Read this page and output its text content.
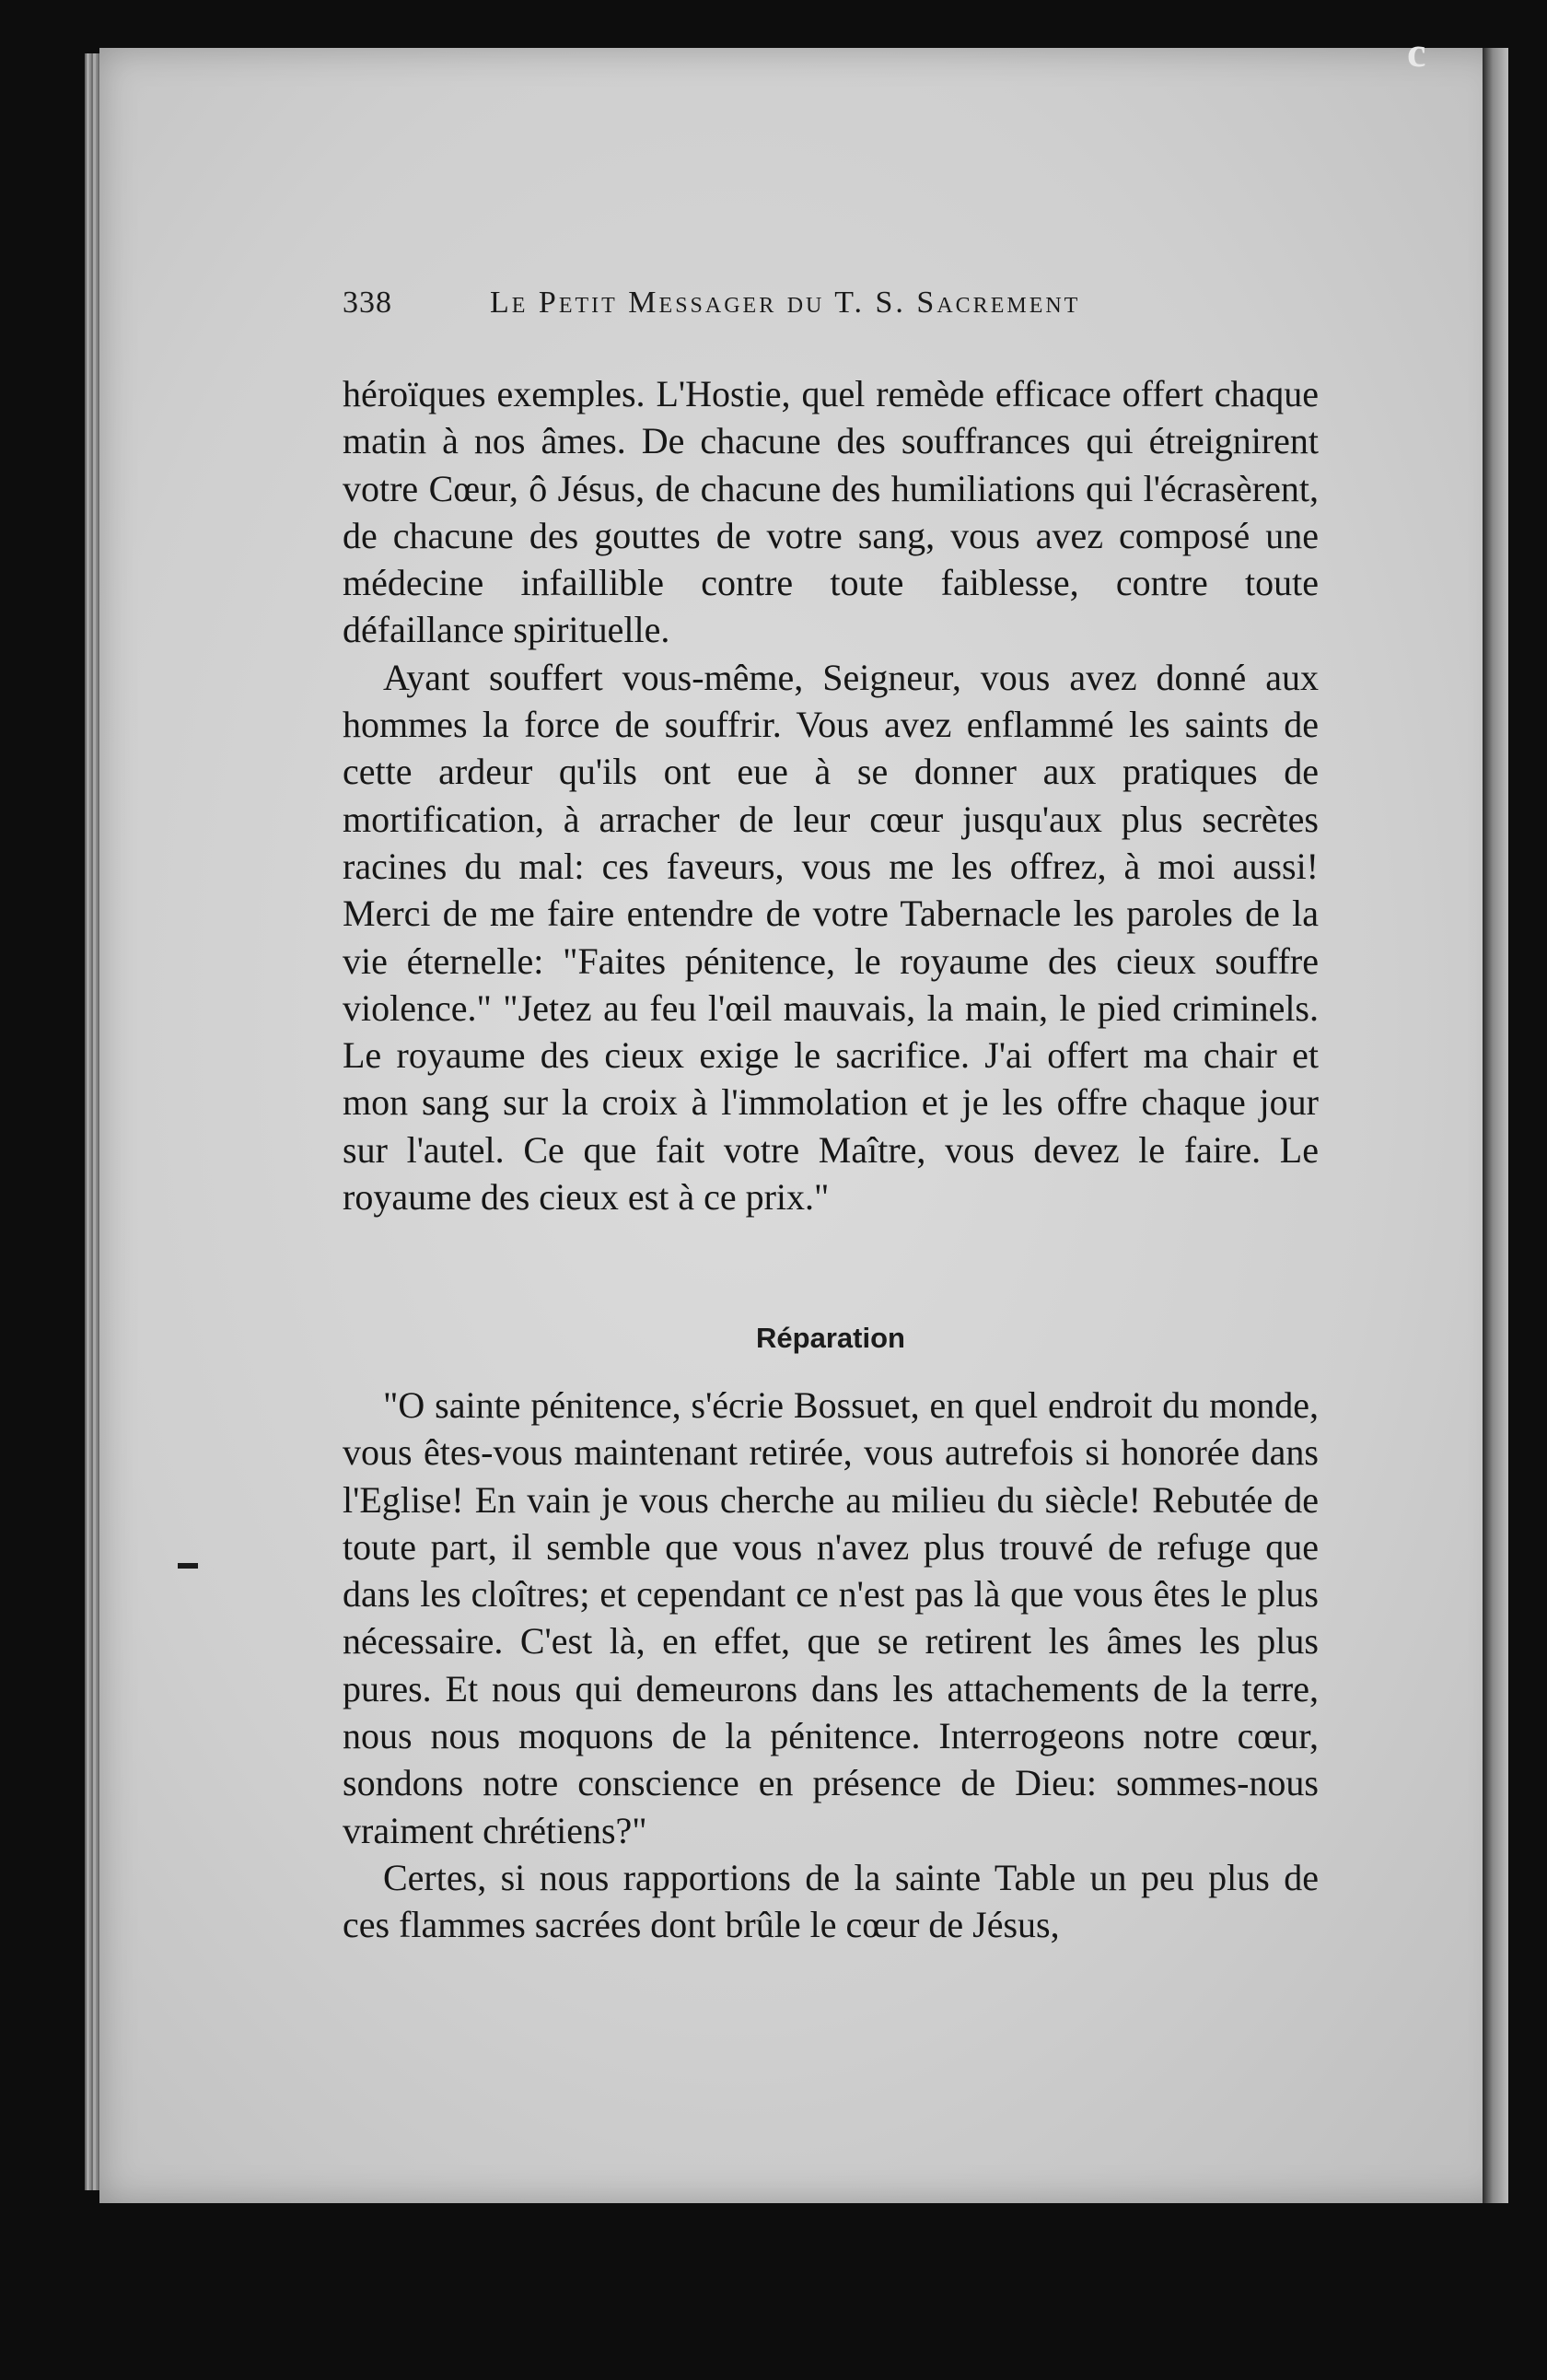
c
338	Le Petit Messager du T. S. Sacrement

héroïques exemples. L'Hostie, quel remède efficace offert chaque matin à nos âmes. De chacune des souffrances qui étreignirent votre Cœur, ô Jésus, de chacune des humiliations qui l'écrasèrent, de chacune des gouttes de votre sang, vous avez composé une médecine infaillible contre toute faiblesse, contre toute défaillance spirituelle.

Ayant souffert vous-même, Seigneur, vous avez donné aux hommes la force de souffrir. Vous avez enflammé les saints de cette ardeur qu'ils ont eue à se donner aux pratiques de mortification, à arracher de leur cœur jusqu'aux plus secrètes racines du mal: ces faveurs, vous me les offrez, à moi aussi! Merci de me faire entendre de votre Tabernacle les paroles de la vie éternelle: "Faites pénitence, le royaume des cieux souffre violence." "Jetez au feu l'œil mauvais, la main, le pied criminels. Le royaume des cieux exige le sacrifice. J'ai offert ma chair et mon sang sur la croix à l'immolation et je les offre chaque jour sur l'autel. Ce que fait votre Maître, vous devez le faire. Le royaume des cieux est à ce prix."

Réparation

"O sainte pénitence, s'écrie Bossuet, en quel endroit du monde, vous êtes-vous maintenant retirée, vous autrefois si honorée dans l'Eglise! En vain je vous cherche au milieu du siècle! Rebutée de toute part, il semble que vous n'avez plus trouvé de refuge que dans les cloîtres; et cependant ce n'est pas là que vous êtes le plus nécessaire. C'est là, en effet, que se retirent les âmes les plus pures. Et nous qui demeurons dans les attachements de la terre, nous nous moquons de la pénitence. Interrogeons notre cœur, sondons notre conscience en présence de Dieu: sommes-nous vraiment chrétiens?"

Certes, si nous rapportions de la sainte Table un peu plus de ces flammes sacrées dont brûle le cœur de Jésus,
